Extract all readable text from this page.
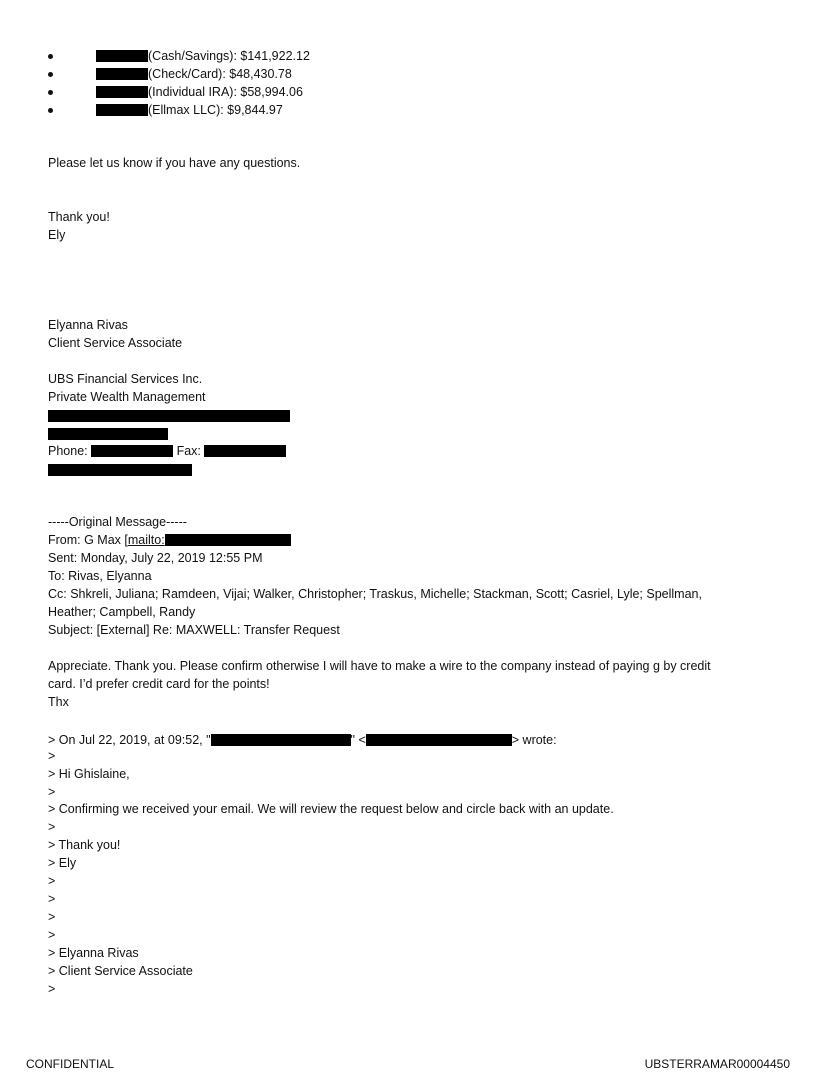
(Cash/Savings): $141,922.12
(Check/Card): $48,430.78
(Individual IRA): $58,994.06
(Ellmax LLC): $9,844.97
Please let us know if you have any questions.
Thank you!
Ely
Elyanna Rivas
Client Service Associate
UBS Financial Services Inc.
Private Wealth Management
Phone:	Fax:
-----Original Message-----
From: G Max [mailto:
Sent: Monday, July 22, 2019 12:55 PM
To: Rivas, Elyanna
Cc: Shkreli, Juliana; Ramdeen, Vijai; Walker, Christopher; Traskus, Michelle; Stackman, Scott; Casriel, Lyle; Spellman,
Heather; Campbell, Randy
Subject: [External] Re: MAXWELL: Transfer Request
Appreciate. Thank you. Please confirm otherwise I will have to make a wire to the company instead of paying g by credit
card. I’d prefer credit card for the points!
Thx
> On Jul 22, 2019, at 09:52, "	" <	> wrote:
>
> Hi Ghislaine,
>
> Confirming we received your email. We will review the request below and circle back with an update.
>
> Thank you!
> Ely
>
>
>
>
> Elyanna Rivas
> Client Service Associate
>
CONFIDENTIAL	UBSTERRAMAR00004450
